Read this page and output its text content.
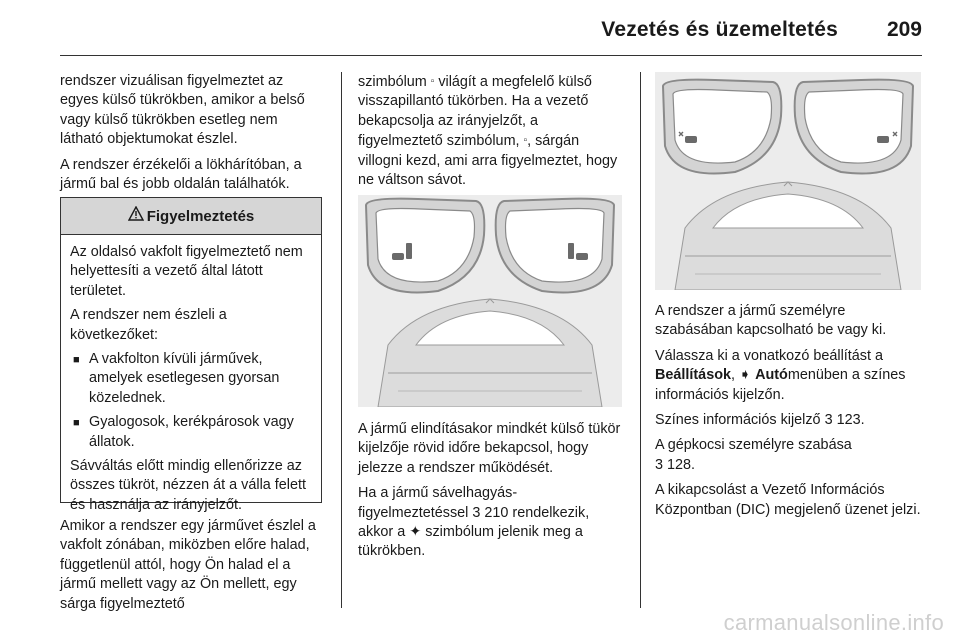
Vezetés és üzemeltetés 209

rendszer vizuálisan figyelmeztet az egyes külső tükrökben, amikor a belső vagy külső tükrökben esetleg nem látható objektumokat észlel.

A rendszer érzékelői a lökhárítóban, a jármű bal és jobb oldalán találhatók.

Figyelmeztetés

Az oldalsó vakfolt figyelmeztető nem helyettesíti a vezető által látott területet.

A rendszer nem észleli a következőket:

■ A vakfolton kívüli járművek, amelyek esetlegesen gyorsan közelednek.
■ Gyalogosok, kerékpárosok vagy állatok.

Sávváltás előtt mindig ellenőrizze az összes tükröt, nézzen át a válla felett és használja az irányjelzőt.

Amikor a rendszer egy járművet észlel a vakfolt zónában, miközben előre halad, függetlenül attól, hogy Ön halad el a jármű mellett vagy az Ön mellett, egy sárga figyelmeztető

szimbólum ▫ világít a megfelelő külső visszapillantó tükörben. Ha a vezető bekapcsolja az irányjelzőt, a figyelmeztető szimbólum, ▫, sárgán villogni kezd, ami arra figyelmeztet, hogy ne váltson sávot.

A jármű elindításakor mindkét külső tükör kijelzője rövid időre bekapcsol, hogy jelezze a rendszer működését.

Ha a jármű sávelhagyás-figyelmeztetéssel 3 210 rendelkezik, akkor a ✦ szimbólum jelenik meg a tükrökben.

A rendszer a jármű személyre szabásában kapcsolható be vagy ki.

Válassza ki a vonatkozó beállítást a Beállítások, ➧ Autómenüben a színes információs kijelzőn.

Színes információs kijelző 3 123.

A gépkocsi személyre szabása
3 128.

A kikapcsolást a Vezető Információs Központban (DIC) megjelenő üzenet jelzi.

carmanualsonline.info
